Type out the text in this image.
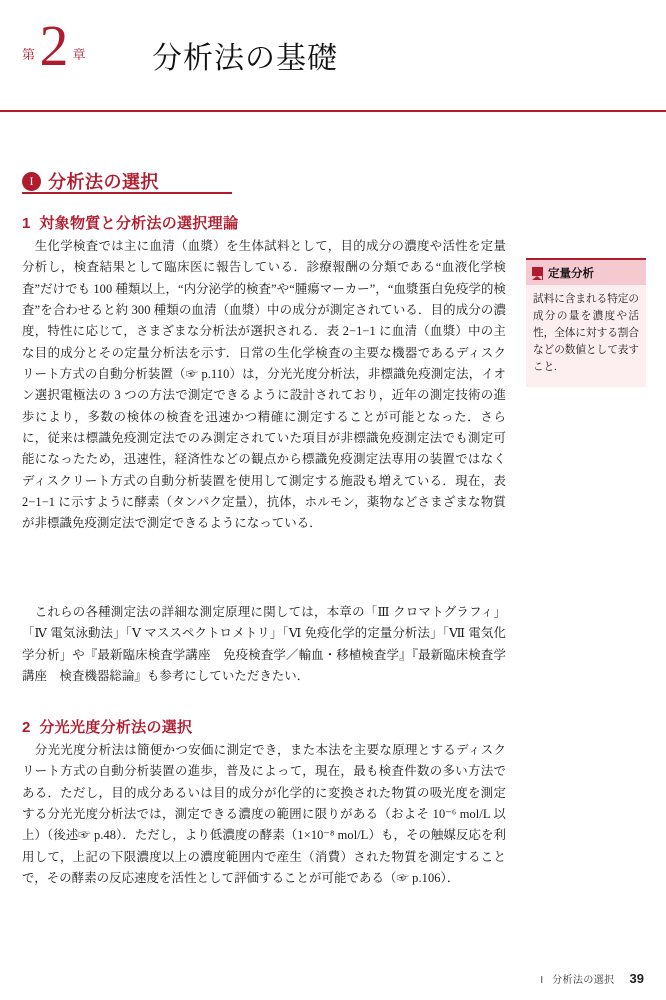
第 2 章 分析法の基礎
I 分析法の選択
1 対象物質と分析法の選択理論

　生化学検査では主に血清（血漿）を生体試料として，目的成分の濃度や活性を定量分析し，検査結果として臨床医に報告している．診療報酬の分類である“血液化学検査”だけでも 100 種類以上，“内分泌学的検査”や“腫瘍マーカー”，“血漿蛋白免疫学的検査”を合わせると約 300 種類の血清（血漿）中の成分が測定されている．目的成分の濃度，特性に応じて，さまざまな分析法が選択される．表 2−1−1 に血清（血漿）中の主な目的成分とその定量分析法を示す．日常の生化学検査の主要な機器であるディスクリート方式の自動分析装置（☞ p.110）は，分光光度分析法，非標識免疫測定法，イオン選択電極法の 3 つの方法で測定できるように設計されており，近年の測定技術の進歩により，多数の検体の検査を迅速かつ精確に測定することが可能となった．さらに，従来は標識免疫測定法でのみ測定されていた項目が非標識免疫測定法でも測定可能になったため，迅速性，経済性などの観点から標識免疫測定法専用の装置ではなくディスクリート方式の自動分析装置を使用して測定する施設も増えている．現在，表 2−1−1 に示すように酵素（タンパク定量），抗体，ホルモン，薬物などさまざまな物質が非標識免疫測定法で測定できるようになっている．

　これらの各種測定法の詳細な測定原理に関しては，本章の「Ⅲ クロマトグラフィ」「Ⅳ 電気泳動法」「Ⅴ マススペクトロメトリ」「Ⅵ 免疫化学的定量分析法」「Ⅶ 電気化学分析」や『最新臨床検査学講座　免疫検査学／輸血・移植検査学』『最新臨床検査学講座　検査機器総論』も参考にしていただきたい．

2 分光光度分析法の選択

　分光光度分析法は簡便かつ安価に測定でき，また本法を主要な原理とするディスクリート方式の自動分析装置の進歩，普及によって，現在，最も検査件数の多い方法である．ただし，目的成分あるいは目的成分が化学的に変換された物質の吸光度を測定する分光光度分析法では，測定できる濃度の範囲に限りがある（およそ 10⁻⁶ mol/L 以上）（後述☞ p.48）．ただし，より低濃度の酵素（1×10⁻⁸ mol/L）も，その触媒反応を利用して，上記の下限濃度以上の濃度範囲内で産生（消費）された物質を測定することで，その酵素の反応速度を活性として評価することが可能である（☞ p.106）．

定量分析
試料に含まれる特定の成分の量を濃度や活性，全体に対する割合などの数値として表すこと.
I 分析法の選択 39
